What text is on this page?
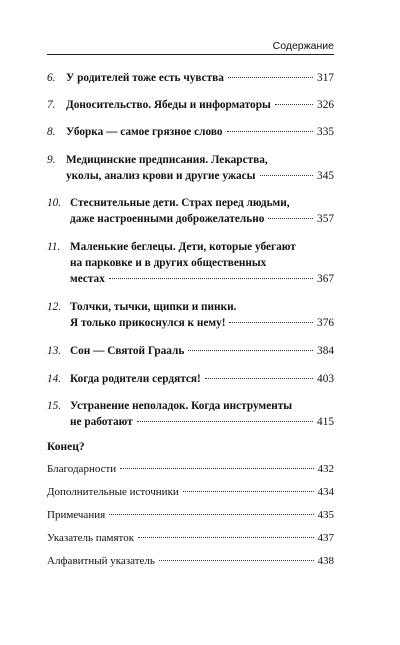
Содержание
6. У родителей тоже есть чувства	317
7. Доносительство. Ябеды и информаторы	326
8. Уборка — самое грязное слово	335
9. Медицинские предписания. Лекарства,
уколы, анализ крови и другие ужасы	345
10. Стеснительные дети. Страх перед людьми,
даже настроенными доброжелательно	357
11. Маленькие беглецы. Дети, которые убегают
на парковке и в других общественных
местах	367
12. Толчки, тычки, щипки и пинки.
Я только прикоснулся к нему!	376
13. Сон — Святой Грааль	384
14. Когда родители сердятся!	403
15. Устранение неполадок. Когда инструменты
не работают	415
Конец?
Благодарности	432
Дополнительные источники	434
Примечания	435
Указатель памяток	437
Алфавитный указатель	438
